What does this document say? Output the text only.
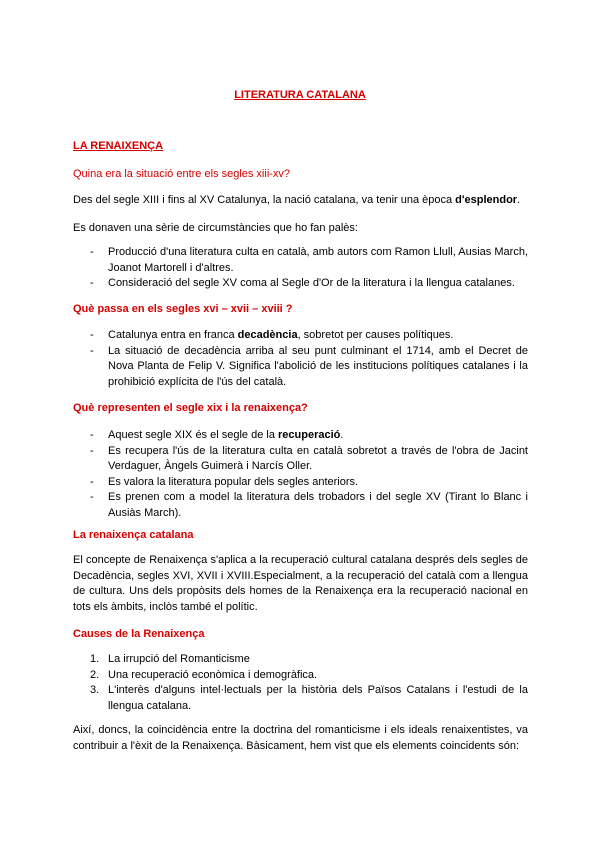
LITERATURA CATALANA
LA RENAIXENÇA
Quina era la situació entre els segles xiii-xv?

Des del segle XIII i fins al XV Catalunya, la nació catalana, va tenir una època d'esplendor.

Es donaven una sèrie de circumstàncies que ho fan palès:

- Producció d'una literatura culta en català, amb autors com Ramon Llull, Ausias March, Joanot Martorell i d'altres.
- Consideració del segle XV coma al Segle d'Or de la literatura i la llengua catalanes.
Què passa en els segles xvi – xvii – xviii ?
- Catalunya entra en franca decadència, sobretot per causes polítiques.
- La situació de decadència arriba al seu punt culminant el 1714, amb el Decret de Nova Planta de Felip V. Significa l'abolició de les institucions polítiques catalanes i la prohibició explícita de l'ús del català.
Què representen el segle xix i la renaixença?
- Aquest segle XIX és el segle de la recuperació.
- Es recupera l'ús de la literatura culta en català sobretot a través de l'obra de Jacint Verdaguer, Àngels Guimerà i Narcís Oller.
- Es valora la literatura popular dels segles anteriors.
- Es prenen com a model la literatura dels trobadors i del segle XV (Tirant lo Blanc i Ausiàs March).
La renaixença catalana

El concepte de Renaixença s'aplica a la recuperació cultural catalana després dels segles de Decadència, segles XVI, XVII i XVIII.Especialment, a la recuperació del català com a llengua de cultura. Uns dels propòsits dels homes de la Renaixença era la recuperació nacional en tots els àmbits, inclòs també el polític.

Causes de la Renaixença
1. La irrupció del Romanticisme
2. Una recuperació econòmica i demogràfica.
3. L'interès d'alguns intel·lectuals per la història dels Països Catalans i l'estudi de la llengua catalana.

Així, doncs, la coincidència entre la doctrina del romanticisme i els ideals renaixentistes, va contribuir a l'èxit de la Renaixença. Bàsicament, hem vist que els elements coincidents són:
